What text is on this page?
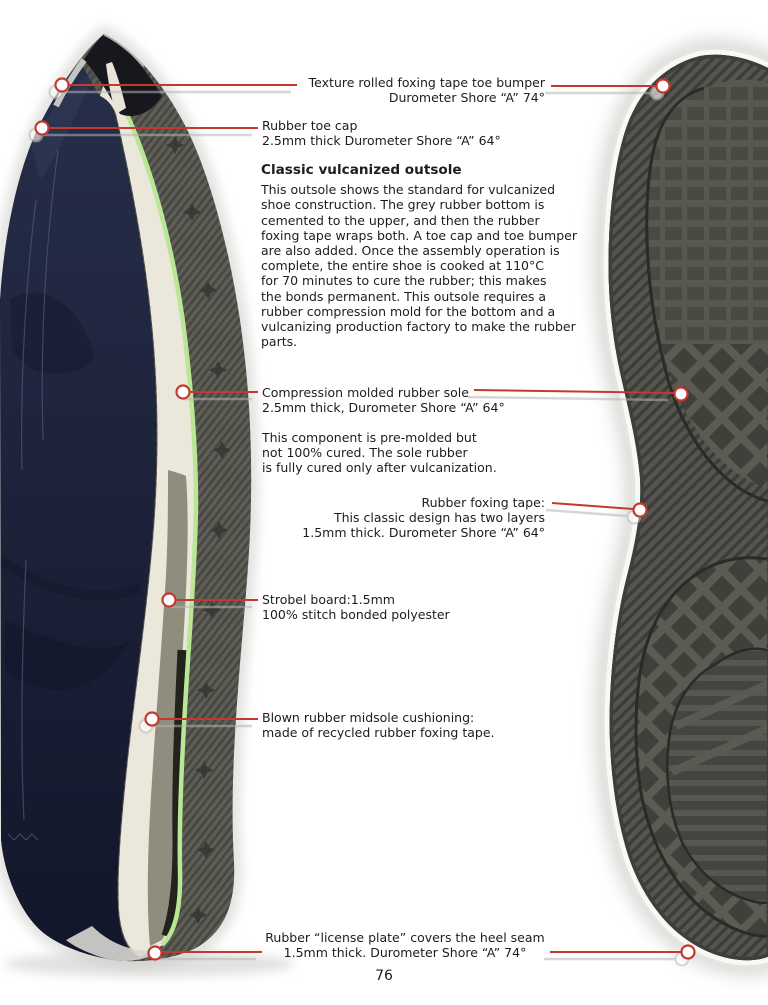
Texture rolled foxing tape toe bumper
Durometer Shore “A” 74°
Rubber toe cap
2.5mm thick Durometer Shore “A” 64°
Classic vulcanized outsole
This outsole shows the standard for vulcanized
shoe construction. The grey rubber bottom is
cemented to the upper, and then the rubber
foxing tape wraps both. A toe cap and toe bumper
are also added. Once the assembly operation is
complete, the entire shoe is cooked at 110°C
for 70 minutes to cure the rubber; this makes
the bonds permanent. This outsole requires a
rubber compression mold for the bottom and a
vulcanizing production factory to make the rubber
parts.
Compression molded rubber sole
2.5mm thick, Durometer Shore “A” 64°
This component is pre-molded but
not 100% cured. The sole rubber
is fully cured only after vulcanization.
Rubber foxing tape:
This classic design has two layers
1.5mm thick. Durometer Shore “A” 64°
Strobel board:1.5mm
100% stitch bonded polyester
Blown rubber midsole cushioning:
made of recycled rubber foxing tape.
Rubber “license plate” covers the heel seam
1.5mm thick. Durometer Shore “A” 74°
76
